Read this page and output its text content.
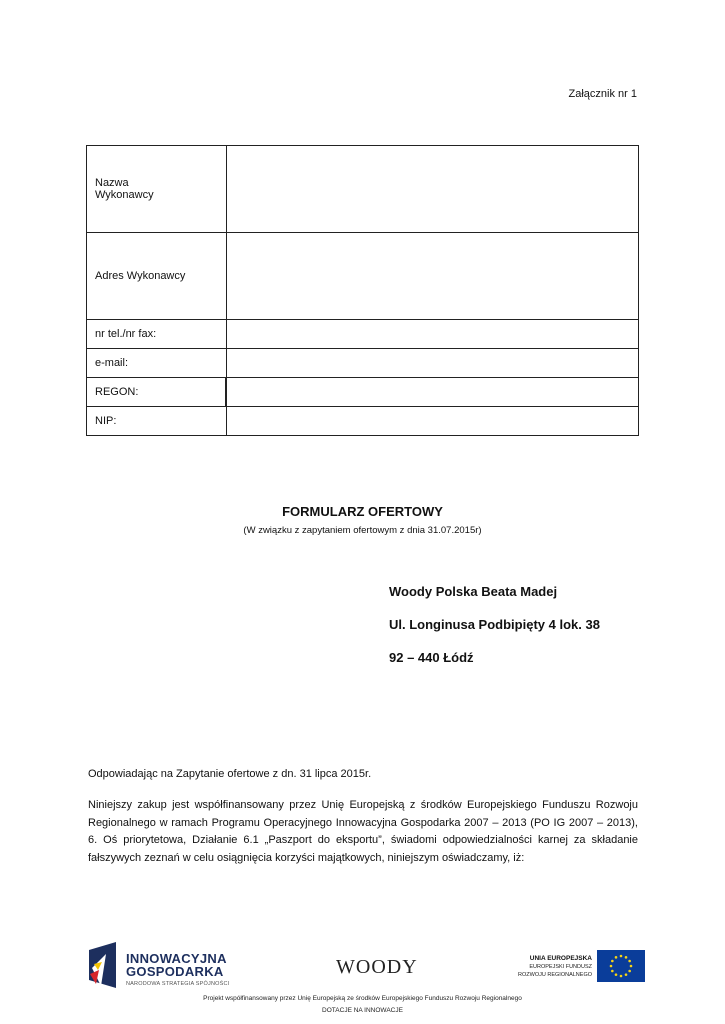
Załącznik nr 1
Nazwa
Wykonawcy	
Adres Wykonawcy	
nr tel./nr fax:	
e-mail:	
REGON:	
NIP:	
FORMULARZ OFERTOWY
(W związku z zapytaniem ofertowym z dnia 31.07.2015r)
Woody Polska Beata Madej
Ul. Longinusa Podbipięty 4 lok. 38
92 – 440 Łódź
Odpowiadając na Zapytanie ofertowe z dn. 31 lipca 2015r.
Niniejszy zakup jest współfinansowany przez Unię Europejską z środków Europejskiego Funduszu Rozwoju Regionalnego w ramach Programu Operacyjnego Innowacyjna Gospodarka 2007 – 2013 (PO IG 2007 – 2013), 6. Oś priorytetowa, Działanie 6.1 „Paszport do eksportu”, świadomi odpowiedzialności karnej za składanie fałszywych zeznań w celu osiągnięcia korzyści majątkowych, niniejszym oświadczamy, iż:
INNOWACYJNA
GOSPODARKA
NARODOWA STRATEGIA SPÓJNOŚCI
WOODY	UNIA EUROPEJSKA
EUROPEJSKI FUNDUSZ
ROZWOJU REGIONALNEGO
Projekt współfinansowany przez Unię Europejską ze środków Europejskiego Funduszu Rozwoju Regionalnego
DOTACJE NA INNOWACJE
